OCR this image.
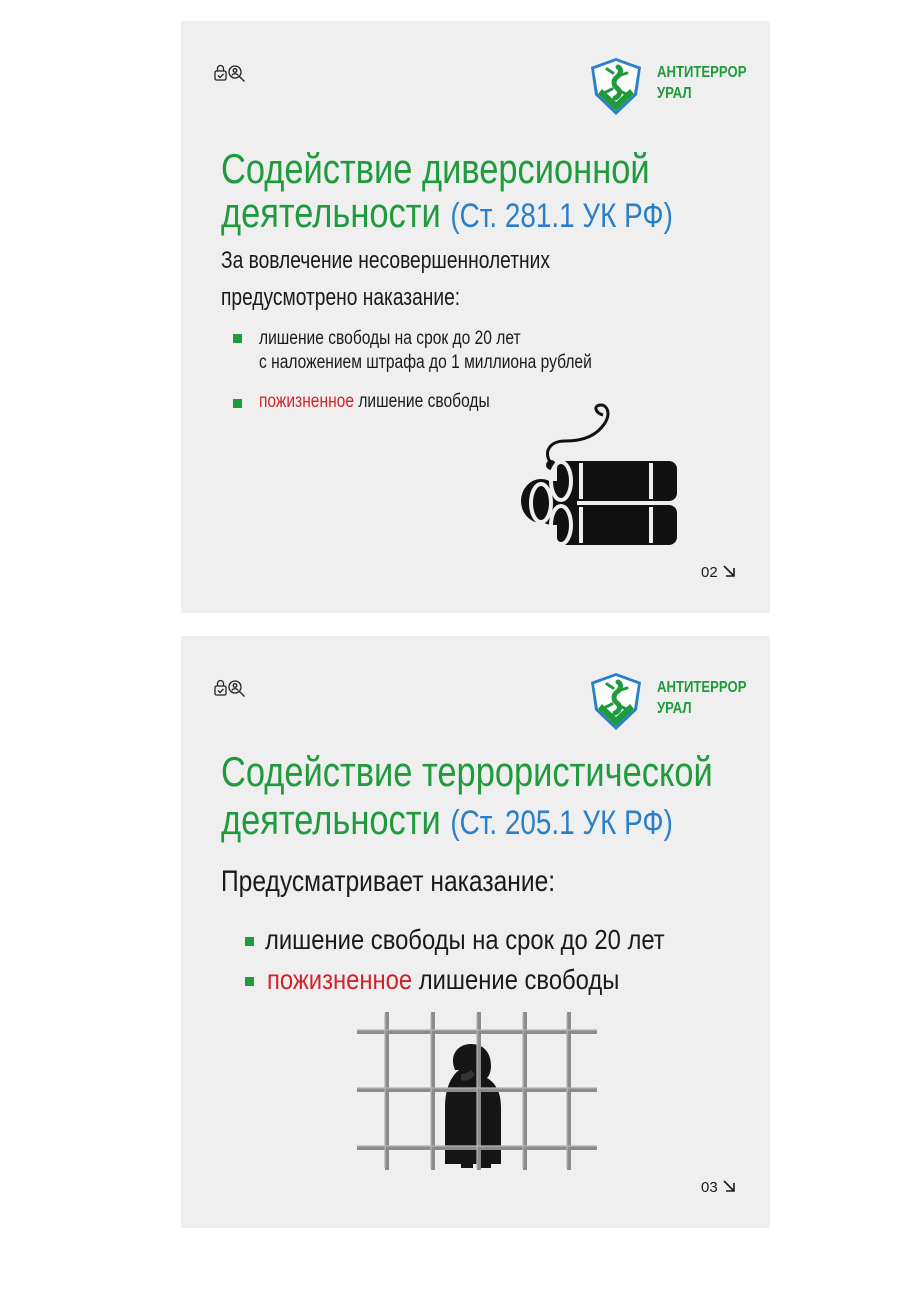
АНТИТЕРРОР
УРАЛ
Содействие диверсионной
деятельности (Ст. 281.1 УК РФ)
За вовлечение несовершеннолетних
предусмотрено наказание:
лишение свободы на срок до 20 лет
с наложением штрафа до 1 миллиона рублей
пожизненное лишение свободы
02
АНТИТЕРРОР
УРАЛ
Содействие террористической
деятельности (Ст. 205.1 УК РФ)
Предусматривает наказание:
лишение свободы на срок до 20 лет
пожизненное лишение свободы
03
